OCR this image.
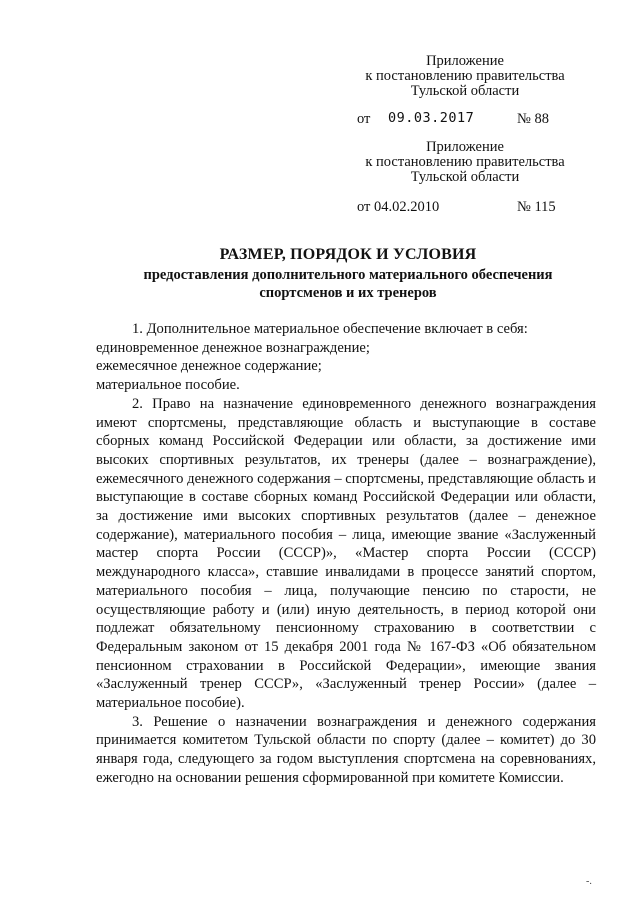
Приложение
к постановлению правительства
Тульской области
от 09.03.2017	№ 88
Приложение
к постановлению правительства
Тульской области
от 04.02.2010	№ 115
РАЗМЕР, ПОРЯДОК И УСЛОВИЯ
предоставления дополнительного материального обеспечения
спортсменов и их тренеров

1. Дополнительное материальное обеспечение включает в себя:

единовременное денежное вознаграждение;

ежемесячное денежное содержание;

материальное пособие.

2. Право на назначение единовременного денежного вознаграждения имеют спортсмены, представляющие область и выступающие в составе сборных команд Российской Федерации или области, за достижение ими высоких спортивных результатов, их тренеры (далее – вознаграждение), ежемесячного денежного содержания – спортсмены, представляющие область и выступающие в составе сборных команд Российской Федерации или области, за достижение ими высоких спортивных результатов (далее – денежное содержание), материального пособия – лица, имеющие звание «Заслуженный мастер спорта России (СССР)», «Мастер спорта России (СССР) международного класса», ставшие инвалидами в процессе занятий спортом, материального пособия – лица, получающие пенсию по старости, не осуществляющие работу и (или) иную деятельность, в период которой они подлежат обязательному пенсионному страхованию в соответствии с Федеральным законом от 15 декабря 2001 года № 167-ФЗ «Об обязательном пенсионном страховании в Российской Федерации», имеющие звания «Заслуженный тренер СССР», «Заслуженный тренер России» (далее – материальное пособие).

3. Решение о назначении вознаграждения и денежного содержания принимается комитетом Тульской области по спорту (далее – комитет) до 30 января года, следующего за годом выступления спортсмена на соревнованиях, ежегодно на основании решения сформированной при комитете Комиссии.

-.
